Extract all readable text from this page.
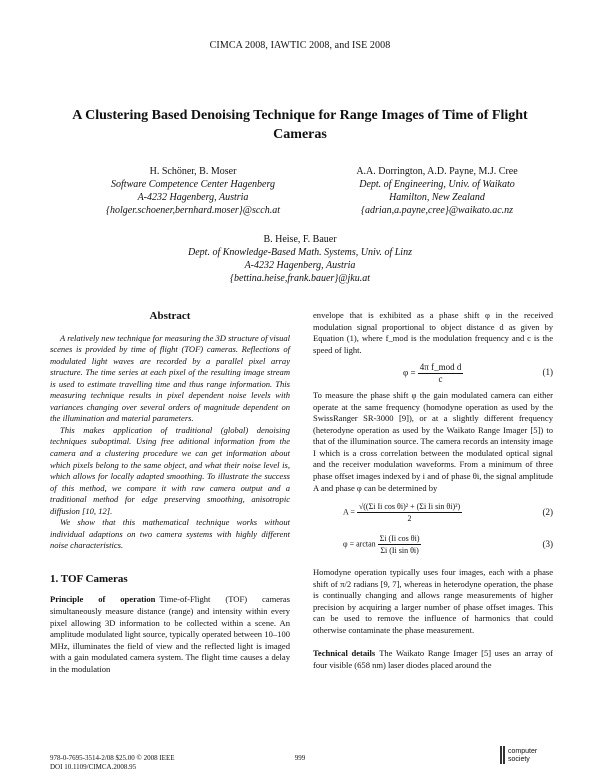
CIMCA 2008, IAWTIC 2008, and ISE 2008
A Clustering Based Denoising Technique for Range Images of Time of Flight Cameras
H. Schöner, B. Moser
Software Competence Center Hagenberg
A-4232 Hagenberg, Austria
{holger.schoener,bernhard.moser}@scch.at
A.A. Dorrington, A.D. Payne, M.J. Cree
Dept. of Engineering, Univ. of Waikato
Hamilton, New Zealand
{adrian,a.payne,cree}@waikato.ac.nz
B. Heise, F. Bauer
Dept. of Knowledge-Based Math. Systems, Univ. of Linz
A-4232 Hagenberg, Austria
{bettina.heise,frank.bauer}@jku.at
Abstract

A relatively new technique for measuring the 3D structure of visual scenes is provided by time of flight (TOF) cameras. Reflections of modulated light waves are recorded by a parallel pixel array structure. The time series at each pixel of the resulting image stream is used to estimate travelling time and thus range information. This measuring technique results in pixel dependent noise levels with variances changing over several orders of magnitude dependent on the illumination and material parameters.

This makes application of traditional (global) denoising techniques suboptimal. Using free aditional information from the camera and a clustering procedure we can get information about which pixels belong to the same object, and what their noise level is, which allows for locally adapted smoothing. To illustrate the success of this method, we compare it with raw camera output and a traditional method for edge preserving smoothing, anisotropic diffusion [10, 12].

We show that this mathematical technique works without individual adaptions on two camera systems with highly different noise characteristics.

1. TOF Cameras

Principle of operation Time-of-Flight (TOF) cameras simultaneously measure distance (range) and intensity within every pixel allowing 3D information to be collected within a scene. An amplitude modulated light source, typically operated between 10–100 MHz, illuminates the field of view and the reflected light is imaged with a gain modulated camera system. The flight time causes a delay in the modulation

envelope that is exhibited as a phase shift φ in the received modulation signal proportional to object distance d as given by Equation (1), where f_mod is the modulation frequency and c is the speed of light.

$\varphi = \frac{\text{4π f\_mod d}}{c}$	(1)

To measure the phase shift φ the gain modulated camera can either operate at the same frequency (homodyne operation as used by the SwissRanger SR-3000 [9]), or at a slightly different frequency (heterodyne operation as used by the Waikato Range Imager [5]) to that of the illumination source. The camera records an intensity image I which is a cross correlation between the modulated optical signal and the receiver modulation waveforms. From a minimum of three phase offset images indexed by i and of phase θi, the signal amplitude A and phase φ can be determined by

$A = \frac{\text{√((Σi Ii cos θi)² + (Σi Ii sin θi)²)}}{2}$	(2)
$\varphi = \arctan \frac{\text{Σi (Ii cos θi)}}{\text{Σi (Ii sin θi)}}$	(3)

Homodyne operation typically uses four images, each with a phase shift of π/2 radians [9, 7], whereas in heterodyne operation, the phase is continually changing and allows range measurements of higher precision by acquiring a larger number of phase offset images. This can be used to remove the influence of harmonics that could otherwise contaminate the phase measurement.

Technical details The Waikato Range Imager [5] uses an array of four visible (658 nm) laser diodes placed around the

978-0-7695-3514-2/08 $25.00 © 2008 IEEE
DOI 10.1109/CIMCA.2008.95
999
computer society
